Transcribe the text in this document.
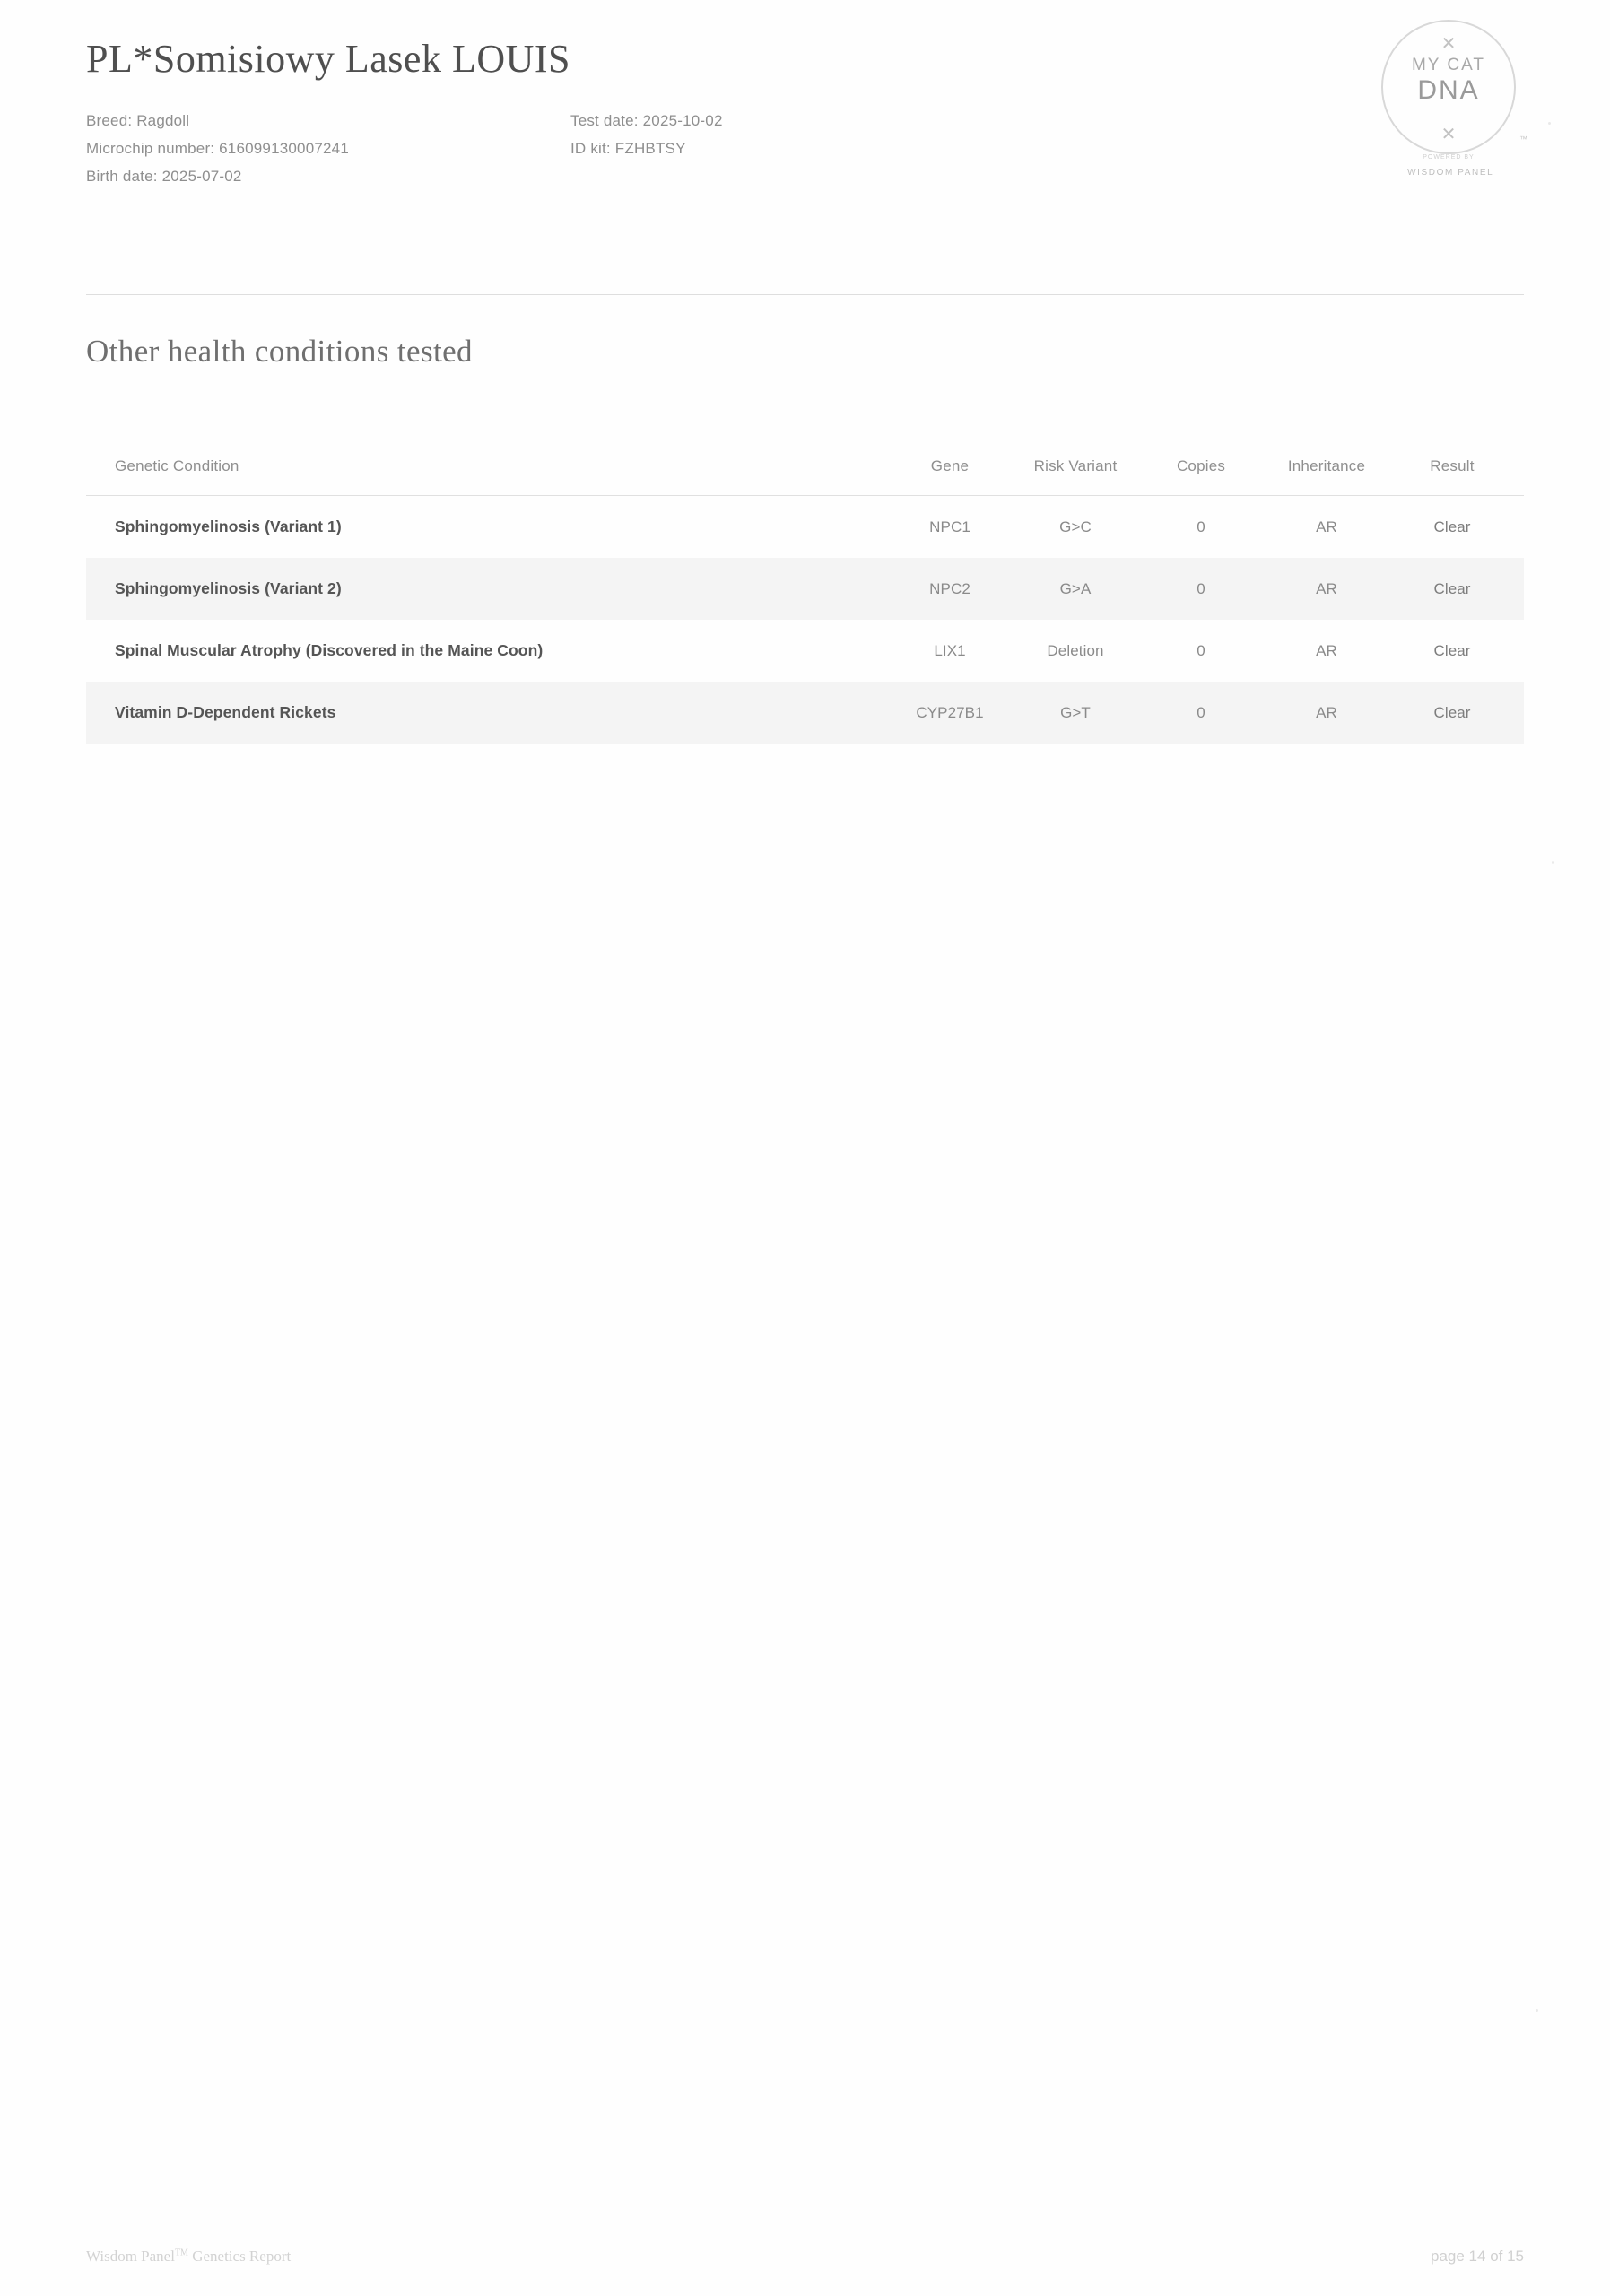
PL*Somisiowy Lasek LOUIS
Breed: Ragdoll
Microchip number: 616099130007241
Birth date: 2025-07-02
Test date: 2025-10-02
ID kit: FZHBTSY
✕
MY CAT
DNA
✕	™
POWERED BY
WISDOM PANEL
Other health conditions tested
Genetic Condition	Gene	Risk Variant	Copies	Inheritance	Result
Sphingomyelinosis (Variant 1)	NPC1	G>C	0	AR	Clear
Sphingomyelinosis (Variant 2)	NPC2	G>A	0	AR	Clear
Spinal Muscular Atrophy (Discovered in the Maine Coon)	LIX1	Deletion	0	AR	Clear
Vitamin D-Dependent Rickets	CYP27B1	G>T	0	AR	Clear
Wisdom Panel™ Genetics Report	page 14 of 15
